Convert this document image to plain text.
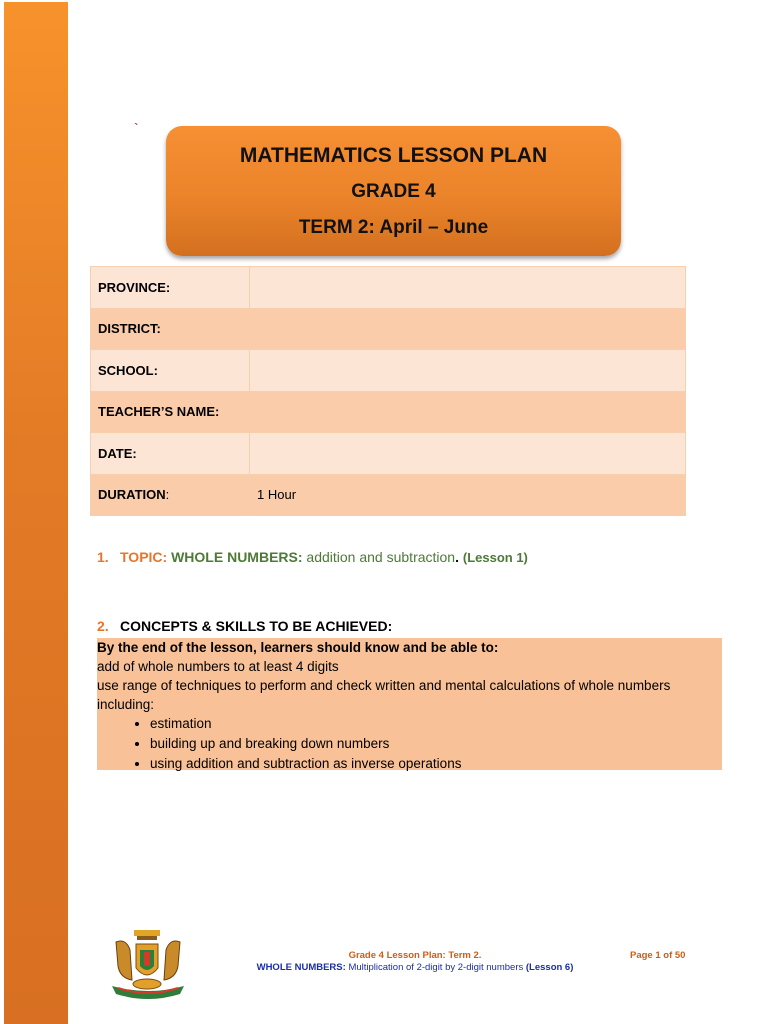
`
MATHEMATICS LESSON PLAN
GRADE 4
TERM 2: April – June
PROVINCE:	
DISTRICT:	
SCHOOL:	
TEACHER’S NAME:	
DATE:	
DURATION:	1 Hour
1. TOPIC: WHOLE NUMBERS: addition and subtraction. (Lesson 1)
2. CONCEPTS & SKILLS TO BE ACHIEVED:

By the end of the lesson, learners should know and be able to:

add of whole numbers to at least 4 digits

use range of techniques to perform and check written and mental calculations of whole numbers including:

• estimation
• building up and breaking down numbers
• using addition and subtraction as inverse operations
Grade 4 Lesson Plan: Term 2.
WHOLE NUMBERS: Multiplication of 2-digit by 2-digit numbers (Lesson 6)
Page 1 of 50
